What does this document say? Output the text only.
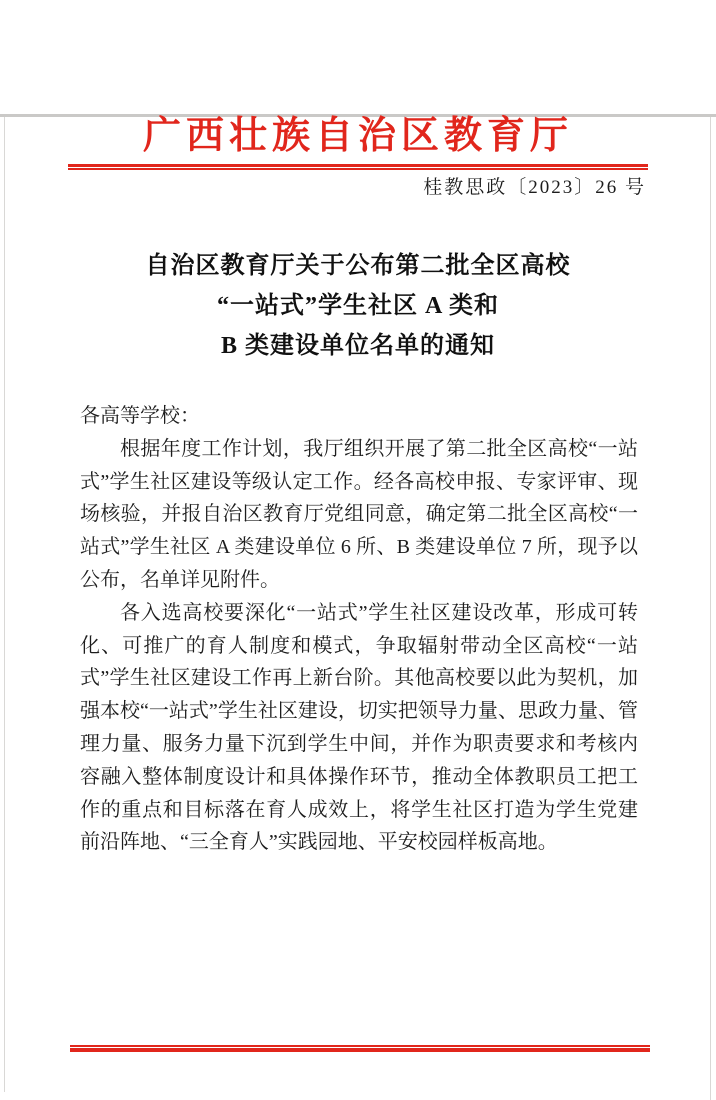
广西壮族自治区教育厅
桂教思政〔2023〕26 号
自治区教育厅关于公布第二批全区高校
“一站式”学生社区 A 类和
B 类建设单位名单的通知

各高等学校：

根据年度工作计划，我厅组织开展了第二批全区高校“一站式”学生社区建设等级认定工作。经各高校申报、专家评审、现场核验，并报自治区教育厅党组同意，确定第二批全区高校“一站式”学生社区 A 类建设单位 6 所、B 类建设单位 7 所，现予以公布，名单详见附件。

各入选高校要深化“一站式”学生社区建设改革，形成可转化、可推广的育人制度和模式，争取辐射带动全区高校“一站式”学生社区建设工作再上新台阶。其他高校要以此为契机，加强本校“一站式”学生社区建设，切实把领导力量、思政力量、管理力量、服务力量下沉到学生中间，并作为职责要求和考核内容融入整体制度设计和具体操作环节，推动全体教职员工把工作的重点和目标落在育人成效上，将学生社区打造为学生党建前沿阵地、“三全育人”实践园地、平安校园样板高地。
